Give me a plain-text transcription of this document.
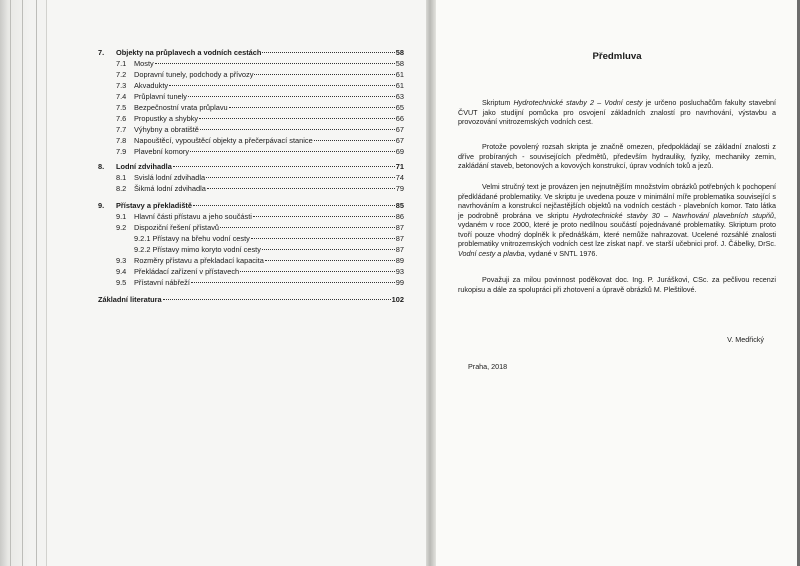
7.	Objekty na průplavech a vodních cestách	58
7.1	Mosty	58
7.2	Dopravní tunely, podchody a přívozy	61
7.3	Akvadukty	61
7.4	Průplavní tunely	63
7.5	Bezpečnostní vrata průplavu	65
7.6	Propustky a shybky	66
7.7	Výhybny a obratiště	67
7.8	Napouštěcí, vypouštěcí objekty a přečerpávací stanice	67
7.9	Plavební komory	69
8.	Lodní zdvihadla	71
8.1	Svislá lodní zdvihadla	74
8.2	Šikmá lodní zdvihadla	79
9.	Přístavy a překladiště	85
9.1	Hlavní části přístavu a jeho součásti	86
9.2	Dispoziční řešení přístavů	87
9.2.1 Přístavy na břehu vodní cesty	87
9.2.2 Přístavy mimo koryto vodní cesty	87
9.3	Rozměry přístavu a překladací kapacita	89
9.4	Překládací zařízení v přístavech	93
9.5	Přístavní nábřeží	99
Základní literatura	102
Předmluva
Skriptum Hydrotechnické stavby 2 – Vodní cesty je určeno posluchačům fakulty stavební ČVUT jako studijní pomůcka pro osvojení základních znalostí pro navrhování, výstavbu a provozování vnitrozemských vodních cest.
Protože povolený rozsah skripta je značně omezen, předpokládají se základní znalosti z dříve probíraných - souvisejících předmětů, především hydrauliky, fyziky, mechaniky zemin, zakládání staveb, betonových a kovových konstrukcí, úprav vodních toků a jezů.
Velmi stručný text je provázen jen nejnutnějším množstvím obrázků potřebných k pochopení předkládané problematiky. Ve skriptu je uvedena pouze v minimální míře problematika související s navrhováním a konstrukcí nejčastějších objektů na vodních cestách - plavebních komor. Tato látka je podrobně probrána ve skriptu Hydrotechnické stavby 30 – Navrhování plavebních stupňů, vydaném v roce 2000, které je proto nedílnou součástí pojednávané problematiky. Skriptum proto tvoří pouze vhodný doplněk k přednáškám, které nemůže nahrazovat. Ucelené rozsáhlé znalosti problematiky vnitrozemských vodních cest lze získat např. ve starší učebnici prof. J. Čábelky, DrSc. Vodní cesty a plavba, vydané v SNTL 1976.
Považuji za milou povinnost poděkovat doc. Ing. P. Juráškovi, CSc. za pečlivou recenzi rukopisu a dále za spolupráci při zhotovení a úpravě obrázků M. Pleštilové.
V. Medřický
Praha, 2018
